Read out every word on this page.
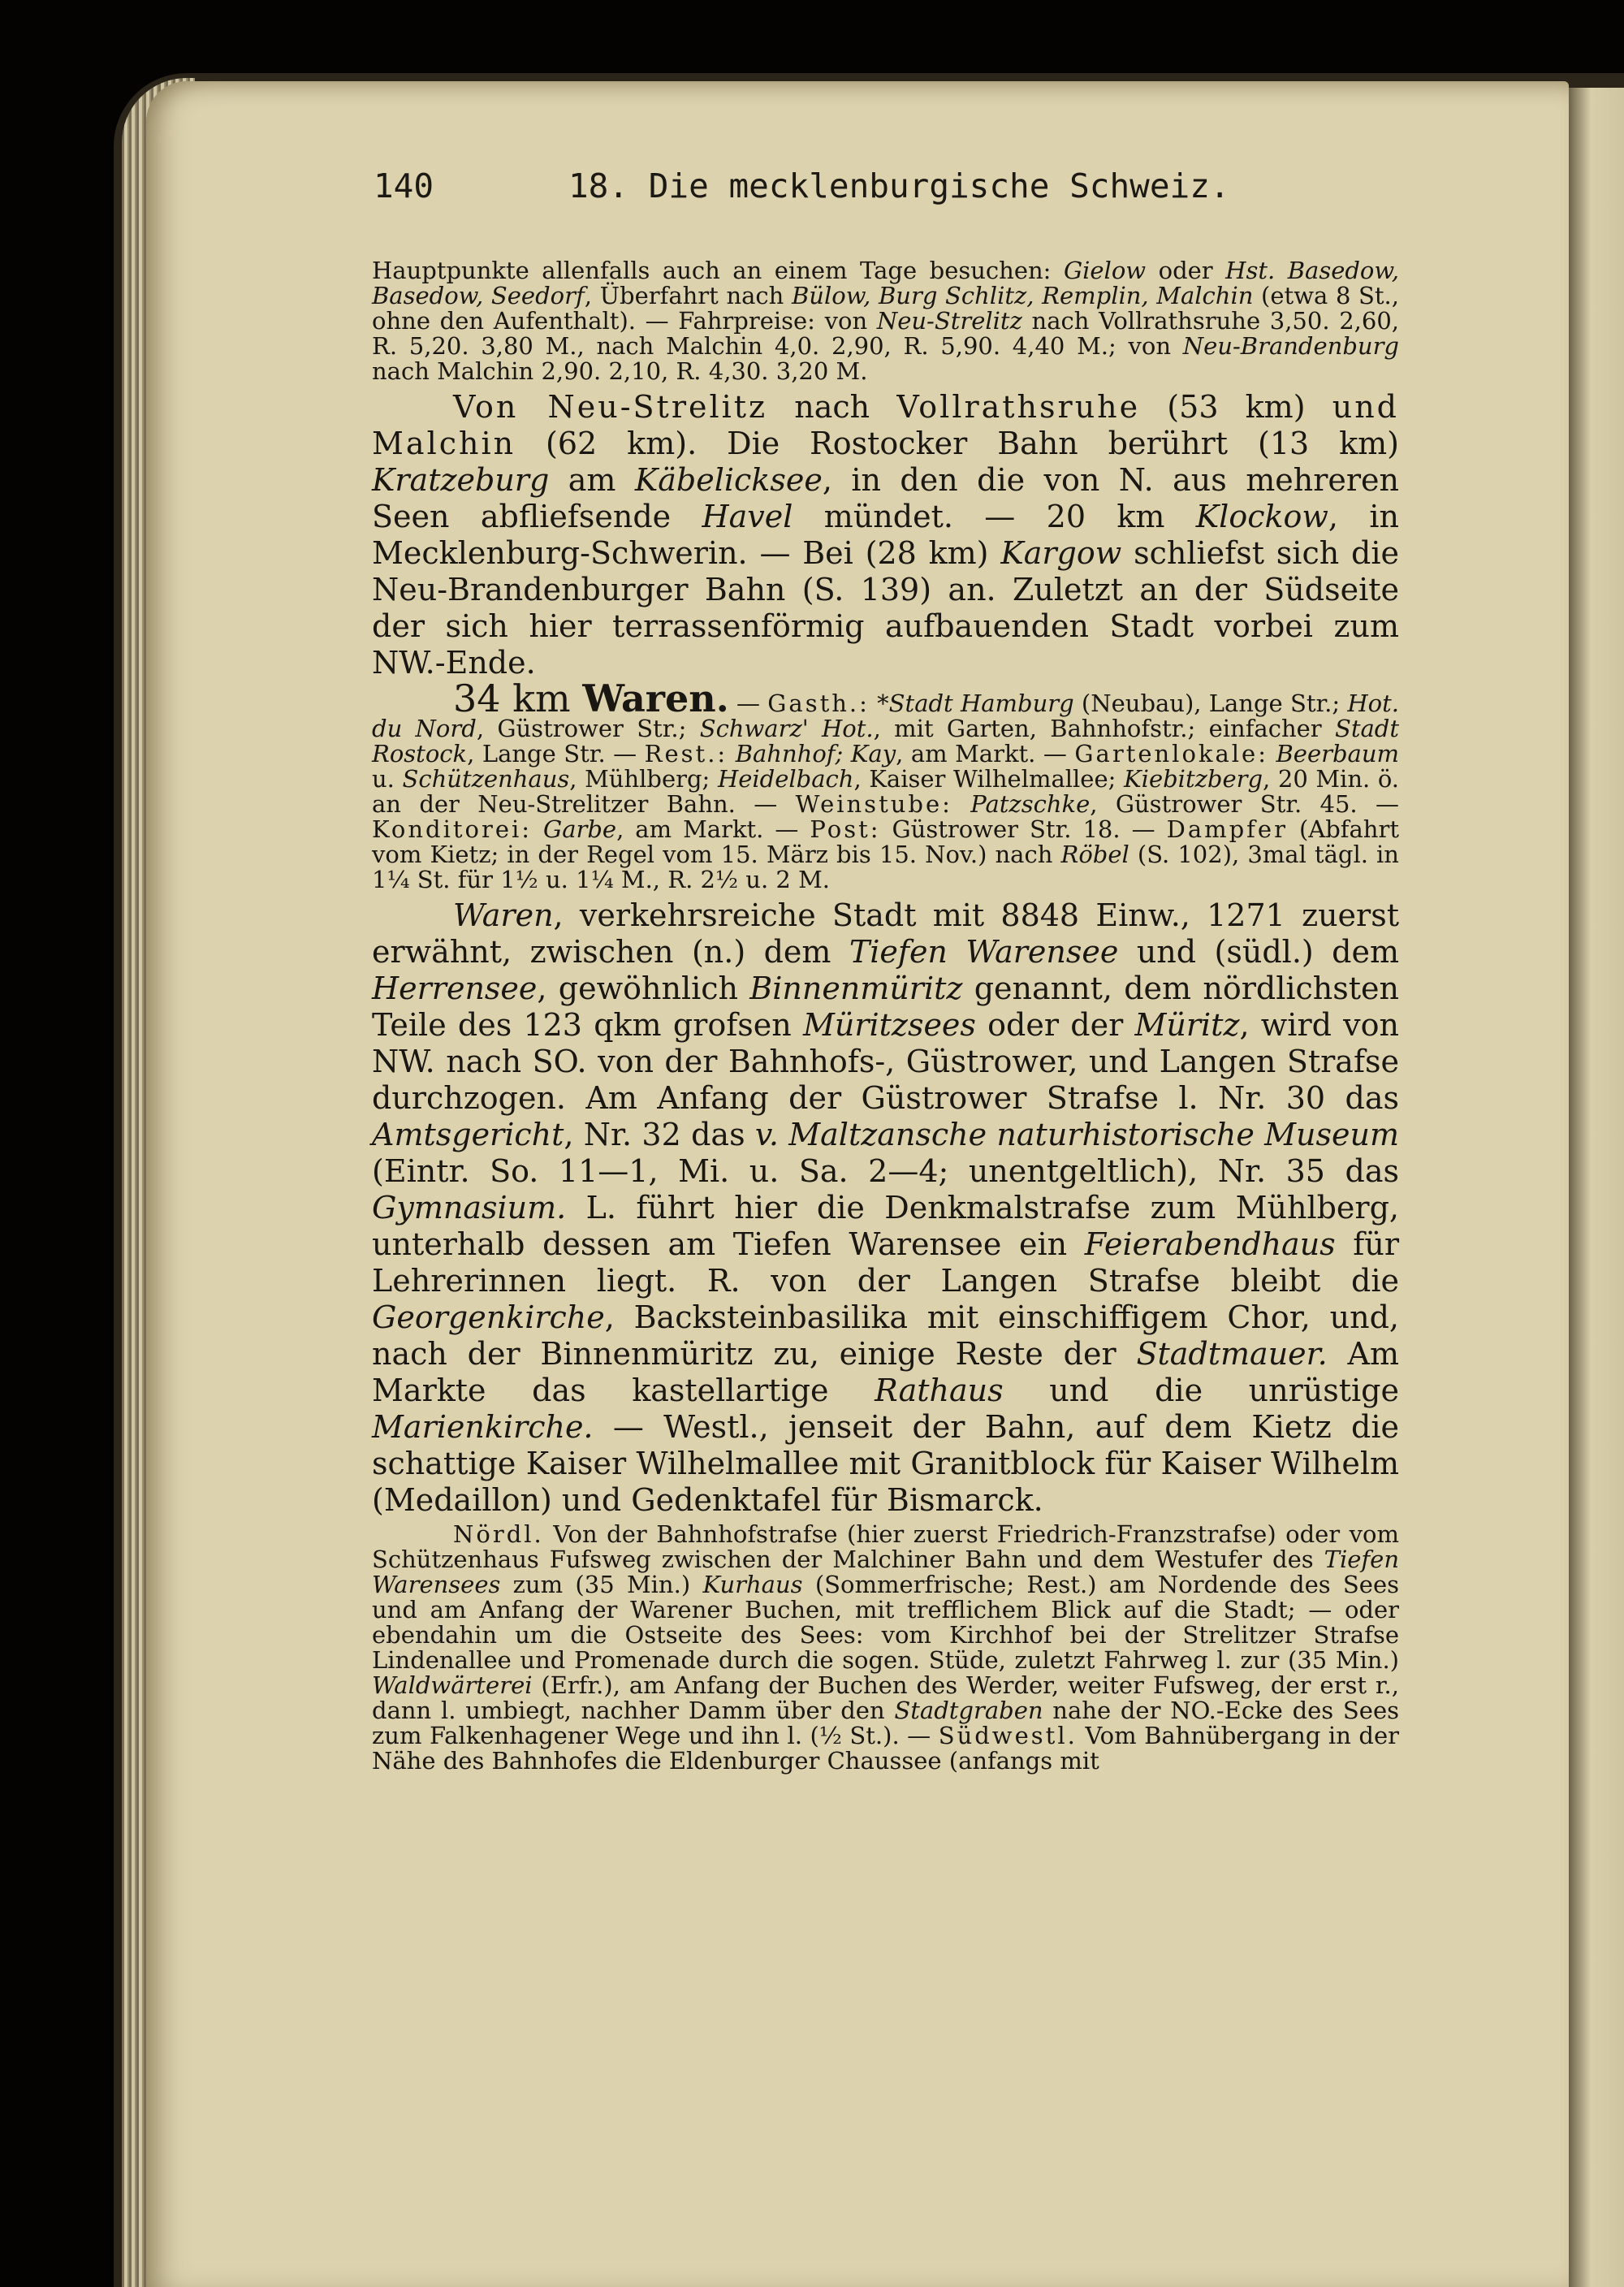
140	18. Die mecklenburgische Schweiz.

Hauptpunkte allenfalls auch an einem Tage besuchen: Gielow oder Hst. Basedow, Basedow, Seedorf, Überfahrt nach Bülow, Burg Schlitz, Remplin, Malchin (etwa 8 St., ohne den Aufenthalt). — Fahrpreise: von Neu-Strelitz nach Vollrathsruhe 3,50. 2,60, R. 5,20. 3,80 M., nach Malchin 4,0. 2,90, R. 5,90. 4,40 M.; von Neu-Brandenburg nach Malchin 2,90. 2,10, R. 4,30. 3,20 M.

Von Neu-Strelitz nach Vollrathsruhe (53 km) und Malchin (62 km). Die Rostocker Bahn berührt (13 km) Kratzeburg am Käbelicksee, in den die von N. aus mehreren Seen abfliefsende Havel mündet. — 20 km Klockow, in Mecklenburg-Schwerin. — Bei (28 km) Kargow schliefst sich die Neu-Brandenburger Bahn (S. 139) an. Zuletzt an der Südseite der sich hier terrassenförmig aufbauenden Stadt vorbei zum NW.-Ende.

34 km Waren. — Gasth.: *Stadt Hamburg (Neubau), Lange Str.; Hot. du Nord, Güstrower Str.; Schwarz' Hot., mit Garten, Bahnhofstr.; einfacher Stadt Rostock, Lange Str. — Rest.: Bahnhof; Kay, am Markt. — Gartenlokale: Beerbaum u. Schützenhaus, Mühlberg; Heidelbach, Kaiser Wilhelmallee; Kiebitzberg, 20 Min. ö. an der Neu-Strelitzer Bahn. — Weinstube: Patzschke, Güstrower Str. 45. — Konditorei: Garbe, am Markt. — Post: Güstrower Str. 18. — Dampfer (Abfahrt vom Kietz; in der Regel vom 15. März bis 15. Nov.) nach Röbel (S. 102), 3mal tägl. in 1¼ St. für 1½ u. 1¼ M., R. 2½ u. 2 M.

Waren, verkehrsreiche Stadt mit 8848 Einw., 1271 zuerst erwähnt, zwischen (n.) dem Tiefen Warensee und (südl.) dem Herrensee, gewöhnlich Binnenmüritz genannt, dem nördlichsten Teile des 123 qkm grofsen Müritzsees oder der Müritz, wird von NW. nach SO. von der Bahnhofs-, Güstrower, und Langen Strafse durchzogen. Am Anfang der Güstrower Strafse l. Nr. 30 das Amtsgericht, Nr. 32 das v. Maltzansche naturhistorische Museum (Eintr. So. 11—1, Mi. u. Sa. 2—4; unentgeltlich), Nr. 35 das Gymnasium. L. führt hier die Denkmalstrafse zum Mühlberg, unterhalb dessen am Tiefen Warensee ein Feierabendhaus für Lehrerinnen liegt. R. von der Langen Strafse bleibt die Georgenkirche, Backsteinbasilika mit einschiffigem Chor, und, nach der Binnenmüritz zu, einige Reste der Stadtmauer. Am Markte das kastellartige Rathaus und die unrüstige Marienkirche. — Westl., jenseit der Bahn, auf dem Kietz die schattige Kaiser Wilhelmallee mit Granitblock für Kaiser Wilhelm (Medaillon) und Gedenktafel für Bismarck.

Nördl. Von der Bahnhofstrafse (hier zuerst Friedrich-Franzstrafse) oder vom Schützenhaus Fufsweg zwischen der Malchiner Bahn und dem Westufer des Tiefen Warensees zum (35 Min.) Kurhaus (Sommerfrische; Rest.) am Nordende des Sees und am Anfang der Warener Buchen, mit trefflichem Blick auf die Stadt; — oder ebendahin um die Ostseite des Sees: vom Kirchhof bei der Strelitzer Strafse Lindenallee und Promenade durch die sogen. Stüde, zuletzt Fahrweg l. zur (35 Min.) Waldwärterei (Erfr.), am Anfang der Buchen des Werder, weiter Fufsweg, der erst r., dann l. umbiegt, nachher Damm über den Stadtgraben nahe der NO.-Ecke des Sees zum Falkenhagener Wege und ihn l. (½ St.). — Südwestl. Vom Bahnübergang in der Nähe des Bahnhofes die Eldenburger Chaussee (anfangs mit
